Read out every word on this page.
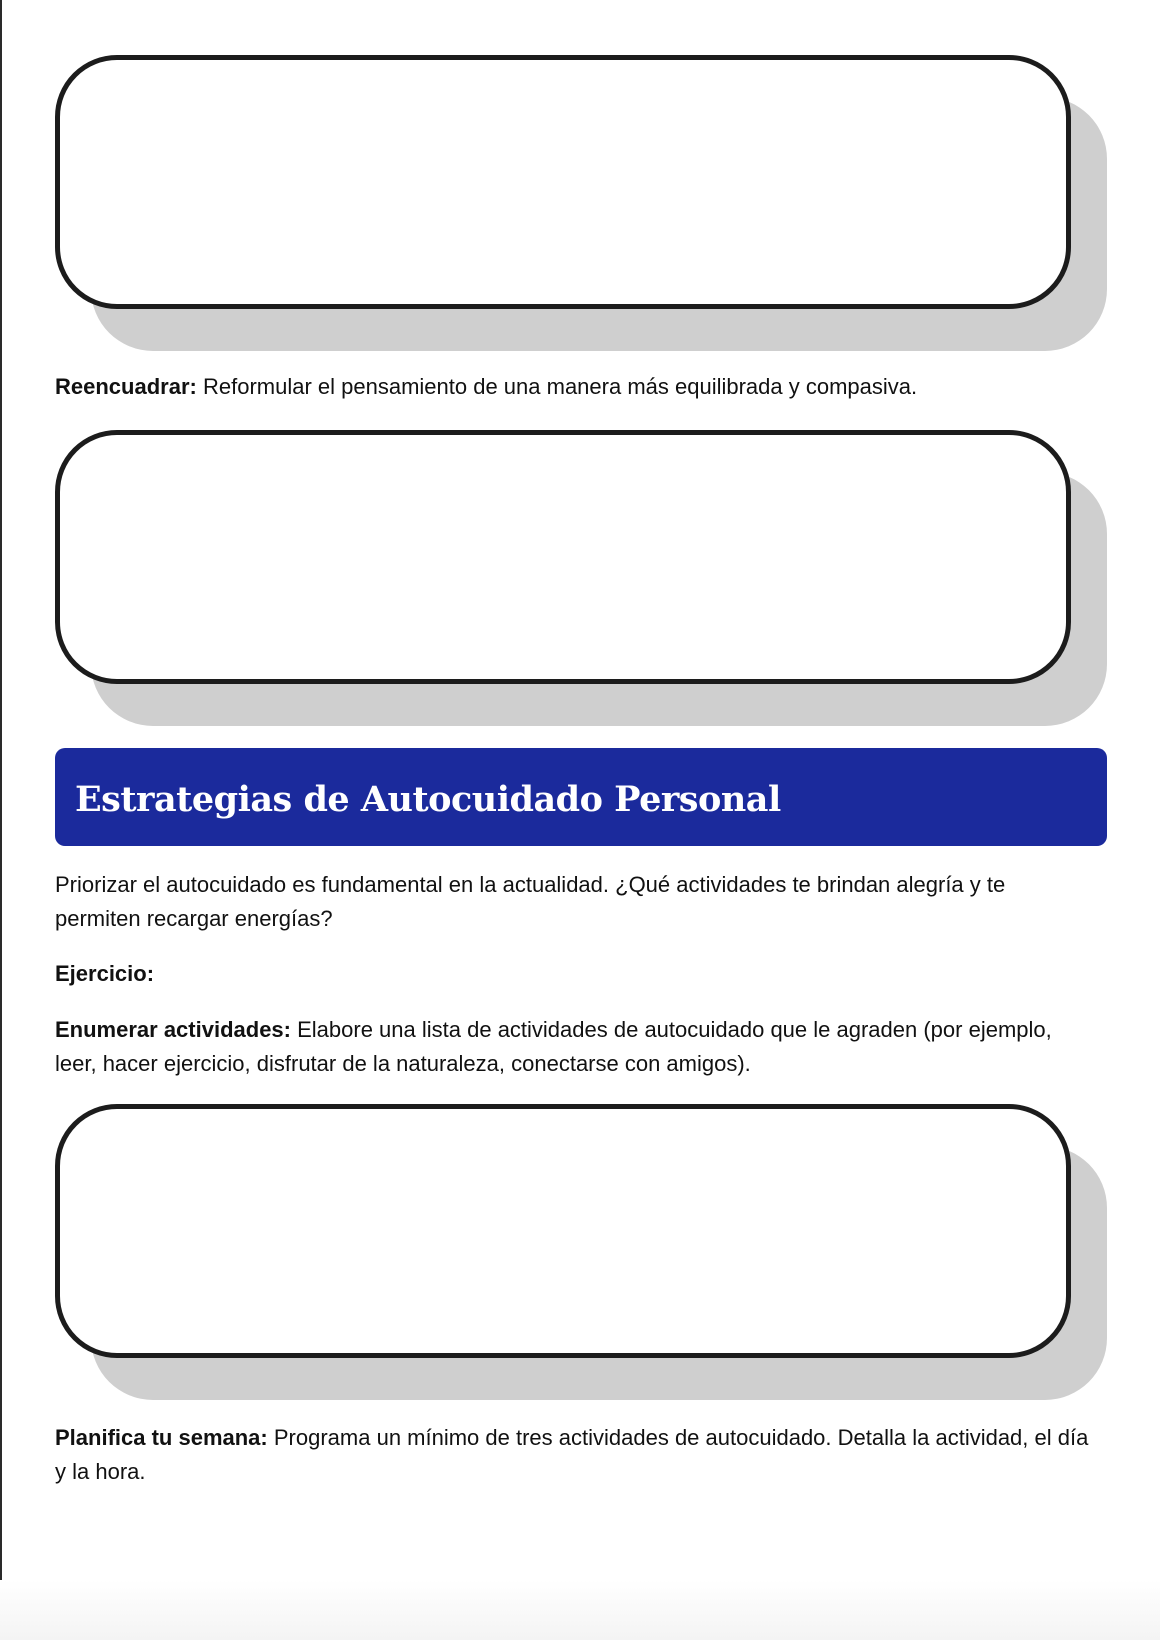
Reencuadrar: Reformular el pensamiento de una manera más equilibrada y compasiva.

Estrategias de Autocuidado Personal

Priorizar el autocuidado es fundamental en la actualidad. ¿Qué actividades te brindan alegría y te permiten recargar energías?

Ejercicio:

Enumerar actividades: Elabore una lista de actividades de autocuidado que le agraden (por ejemplo, leer, hacer ejercicio, disfrutar de la naturaleza, conectarse con amigos).

Planifica tu semana: Programa un mínimo de tres actividades de autocuidado. Detalla la actividad, el día y la hora.
